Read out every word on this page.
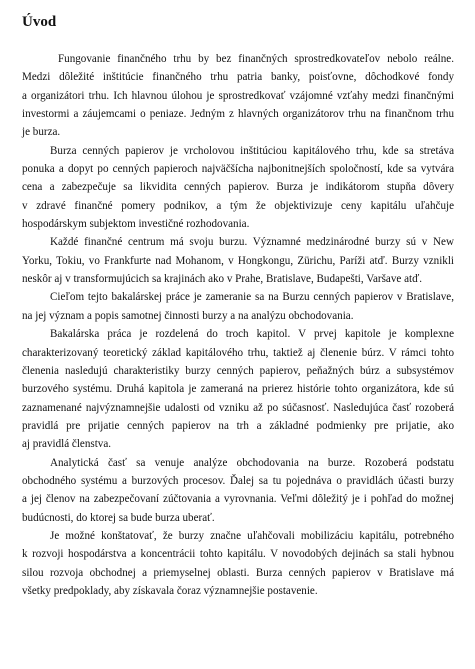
Úvod

Fungovanie finančného trhu by bez finančných sprostredkovateľov nebolo reálne.
Medzi dôležité inštitúcie finančného trhu patria banky, poisťovne, dôchodkové fondy
a organizátori trhu. Ich hlavnou úlohou je sprostredkovať vzájomné vzťahy medzi finančnými
investormi a záujemcami o peniaze. Jedným z hlavných organizátorov trhu na finančnom trhu
je burza.

Burza cenných papierov je vrcholovou inštitúciou kapitálového trhu, kde sa stretáva
ponuka a dopyt po cenných papieroch najväčšícha najbonitnejších spoločností, kde sa vytvára
cena a zabezpečuje sa likvidita cenných papierov. Burza je indikátorom stupňa dôvery
v zdravé finančné pomery podnikov, a tým že objektivizuje ceny kapitálu uľahčuje
hospodárskym subjektom investičné rozhodovania.

Každé finančné centrum má svoju burzu. Významné medzinárodné burzy sú v New
Yorku, Tokiu, vo Frankfurte nad Mohanom, v Hongkongu, Zürichu, Paríži atď. Burzy vznikli
neskôr aj v transformujúcich sa krajinách ako v Prahe, Bratislave, Budapešti, Varšave atď.

Cieľom tejto bakalárskej práce je zameranie sa na Burzu cenných papierov v Bratislave,
na jej význam a popis samotnej činnosti burzy a na analýzu obchodovania.

Bakalárska práca je rozdelená do troch kapitol. V prvej kapitole je komplexne
charakterizovaný teoretický základ kapitálového trhu, taktiež aj členenie búrz. V rámci tohto
členenia nasledujú charakteristiky burzy cenných papierov, peňažných búrz a subsystémov
burzového systému. Druhá kapitola je zameraná na prierez histórie tohto organizátora, kde sú
zaznamenané najvýznamnejšie udalosti od vzniku až po súčasnosť. Nasledujúca časť rozoberá
pravidlá pre prijatie cenných papierov na trh a základné podmienky pre prijatie, ako
aj pravidlá členstva.

Analytická časť sa venuje analýze obchodovania na burze. Rozoberá podstatu
obchodného systému a burzových procesov. Ďalej sa tu pojednáva o pravidlách účasti burzy
a jej členov na zabezpečovaní zúčtovania a vyrovnania. Veľmi dôležitý je i pohľad do možnej
budúcnosti, do ktorej sa bude burza uberať.

Je možné konštatovať, že burzy značne uľahčovali mobilizáciu kapitálu, potrebného
k rozvoji hospodárstva a koncentrácii tohto kapitálu. V novodobých dejinách sa stali hybnou
silou rozvoja obchodnej a priemyselnej oblasti. Burza cenných papierov v Bratislave má
všetky predpoklady, aby získavala čoraz významnejšie postavenie.
